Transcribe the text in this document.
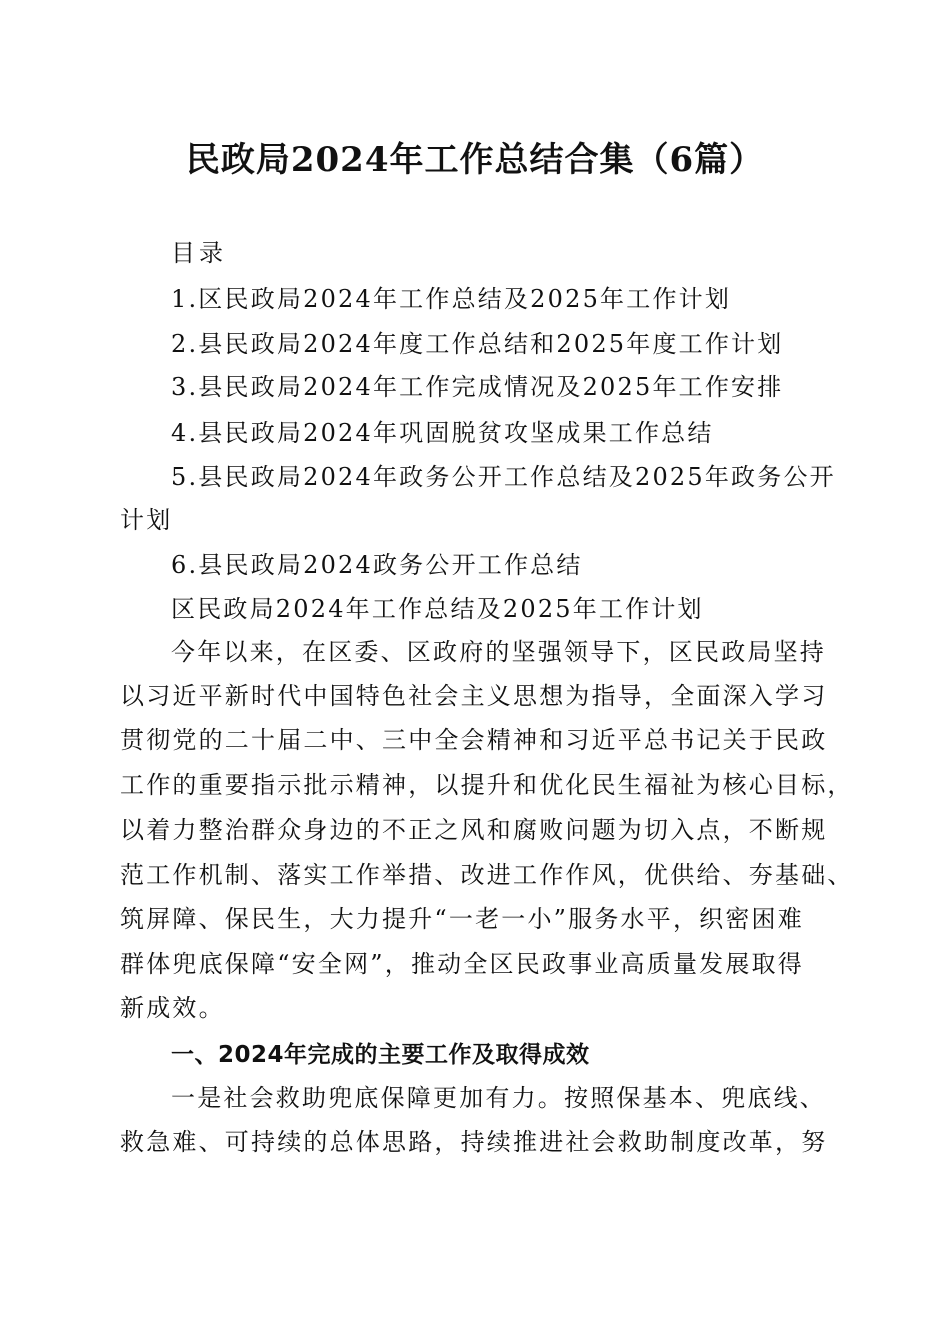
民政局2024年工作总结合集（6篇）
目录
1.区民政局2024年工作总结及2025年工作计划
2.县民政局2024年度工作总结和2025年度工作计划
3.县民政局2024年工作完成情况及2025年工作安排
4.县民政局2024年巩固脱贫攻坚成果工作总结
5.县民政局2024年政务公开工作总结及2025年政务公开
计划
6.县民政局2024政务公开工作总结
区民政局2024年工作总结及2025年工作计划
今年以来，在区委、区政府的坚强领导下，区民政局坚持
以习近平新时代中国特色社会主义思想为指导，全面深入学习
贯彻党的二十届二中、三中全会精神和习近平总书记关于民政
工作的重要指示批示精神，以提升和优化民生福祉为核心目标，
以着力整治群众身边的不正之风和腐败问题为切入点，不断规
范工作机制、落实工作举措、改进工作作风，优供给、夯基础、
筑屏障、保民生，大力提升“一老一小”服务水平，织密困难
群体兜底保障“安全网”，推动全区民政事业高质量发展取得
新成效。
一、2024年完成的主要工作及取得成效
一是社会救助兜底保障更加有力。按照保基本、兜底线、
救急难、可持续的总体思路，持续推进社会救助制度改革，努
